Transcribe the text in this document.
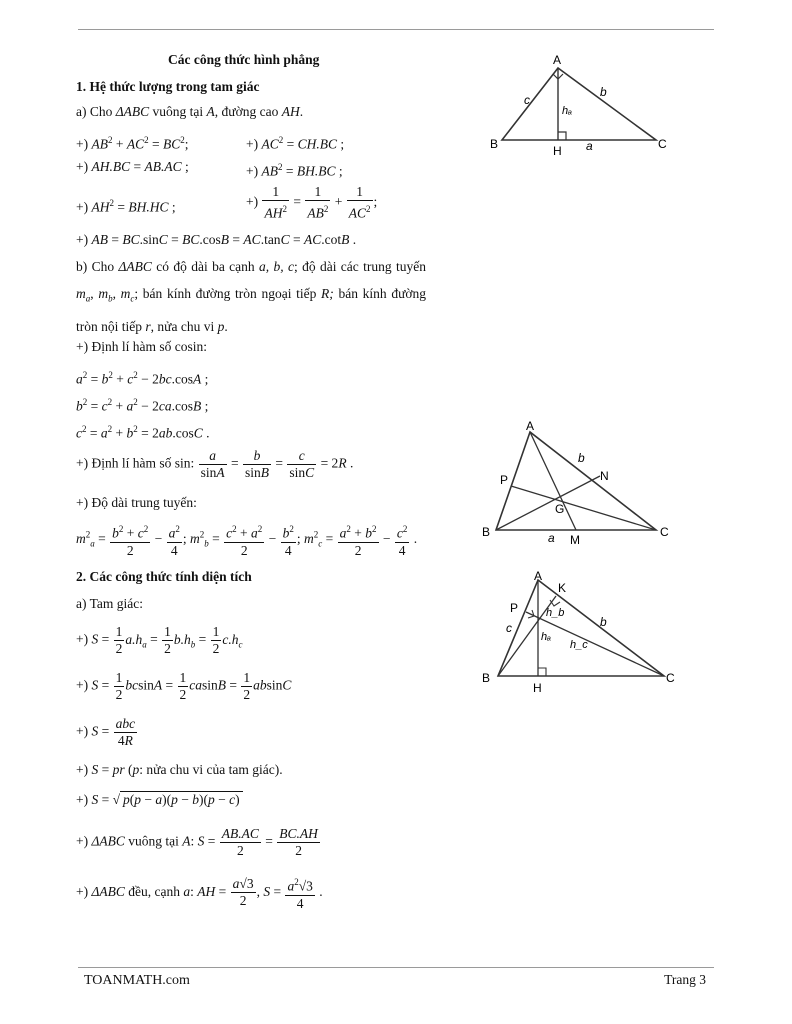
Các công thức hình phẳng
1. Hệ thức lượng trong tam giác
a) Cho ΔABC vuông tại A, đường cao AH.
+) $AB^2 + AC^2 = BC^2$;	+) $AC^2 = CH.BC$ ;
+) AH.BC = AB.AC ;	+) $AB^2 = BH.BC$ ;
+) $AH^2 = BH.HC$ ;	+) $\frac{1}{AH^2} = \frac{1}{AB^2} + \frac{1}{AC^2}$ ;
+) AB = BC.sinC = BC.cosB = AC.tanC = AC.cotB .
b) Cho ΔABC có độ dài ba cạnh a, b, c; độ dài các trung tuyến $m_a$, $m_b$, $m_c$; bán kính đường tròn ngoại tiếp R; bán kính đường tròn nội tiếp r, nửa chu vi p.
+) Định lí hàm số cosin:
$a^2 = b^2 + c^2 - 2bc.\cos A$ ;
$b^2 = c^2 + a^2 - 2ca.\cos B$ ;
$c^2 = a^2 + b^2 = 2ab.\cos C$ .
+) Định lí hàm số sin: $\frac{a}{\sin A} = \frac{b}{\sin B} = \frac{c}{\sin C} = 2R$ .
+) Độ dài trung tuyến:
$m^2_a = \frac{b^2 + c^2}{2} - \frac{a^2}{4}$ ; $m^2_b = \frac{c^2 + a^2}{2} - \frac{b^2}{4}$ ; $m^2_c = \frac{a^2 + b^2}{2} - \frac{c^2}{4}$ .
2. Các công thức tính diện tích
a) Tam giác:
+) $S = \frac{1}{2} a.h_a = \frac{1}{2} b.h_b = \frac{1}{2} c.h_c$
+) $S = \frac{1}{2}$ $bcsinA = \frac{1}{2}$ $casinB = \frac{1}{2}$ absinC
+) $S = \frac{\text{abc}}{4R}$
+) S = pr (p: nửa chu vi của tam giác).
+) S = √ p(p − a)(p − b)(p − c)
+) ΔABC vuông tại A: $S = \frac{AB.AC}{2} = \frac{BC.AH}{2}$
+) ΔABC đều, cạnh a: AH = $\frac{a√3}{2}$ , $S = \frac{a^2√3}{4}$ .
A
B	C
H
c
b
a
hₐ
A
B	C
P	N
G
M
b
a
A
B	C
K
P
H
c	b
hₐ
h_b
h_c
TOANMATH.com	Trang 3
